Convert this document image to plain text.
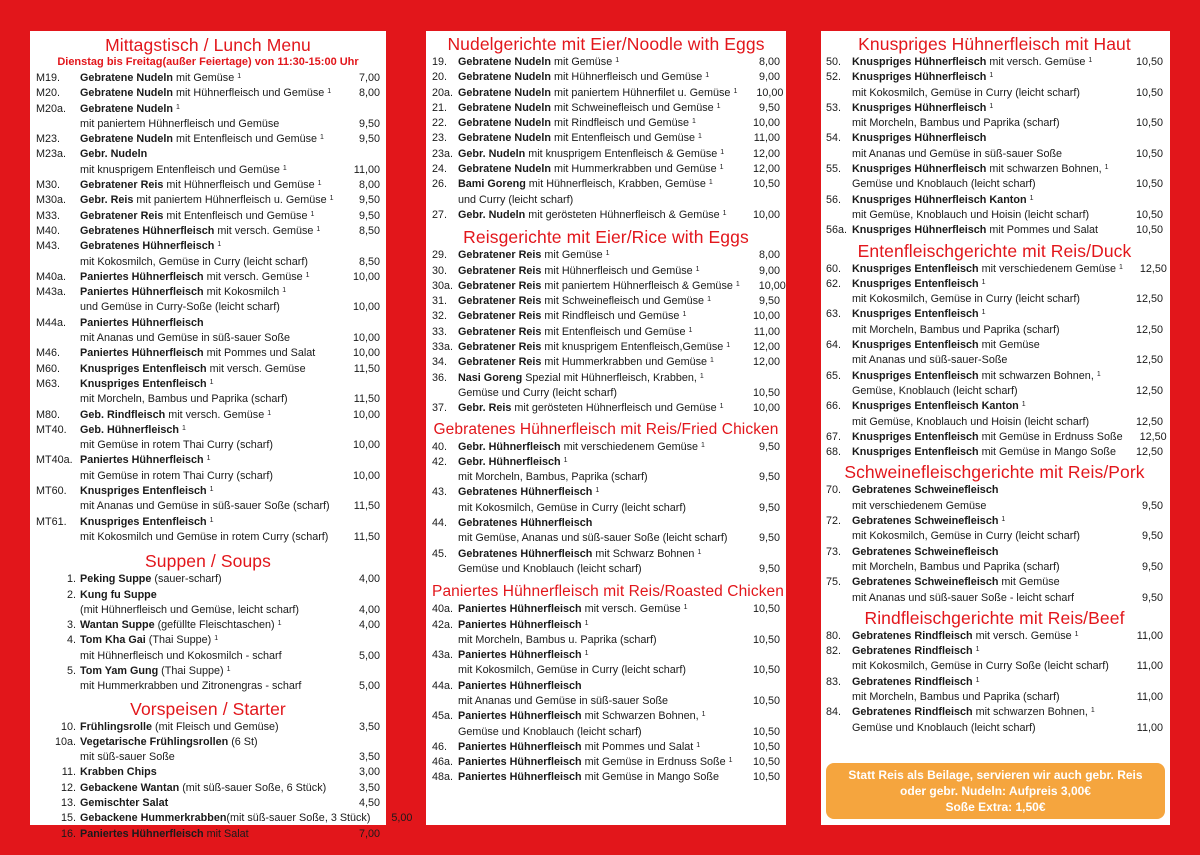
Mittagstisch / Lunch Menu
Dienstag bis Freitag(außer Feiertage) von 11:30-15:00 Uhr
M19.	Gebratene Nudeln mit Gemüse $^1$	7,00
M20.	Gebratene Nudeln mit Hühnerfleisch und Gemüse $^1$	8,00
M20a.	Gebratene Nudeln $^1$
mit paniertem Hühnerfleisch und Gemüse	9,50
M23.	Gebratene Nudeln mit Entenfleisch und Gemüse $^1$	9,50
M23a.	Gebr. Nudeln
mit knusprigem Entenfleisch und Gemüse $^1$	11,00
M30.	Gebratener Reis mit Hühnerfleisch und Gemüse $^1$	8,00
M30a.	Gebr. Reis mit paniertem Hühnerfleisch u. Gemüse $^1$	9,50
M33.	Gebratener Reis mit Entenfleisch und Gemüse $^1$	9,50
M40.	Gebratenes Hühnerfleisch mit versch. Gemüse $^1$	8,50
M43.	Gebratenes Hühnerfleisch $^1$
mit Kokosmilch, Gemüse in Curry (leicht scharf)	8,50
M40a.	Paniertes Hühnerfleisch mit versch. Gemüse $^1$	10,00
M43a.	Paniertes Hühnerfleisch mit Kokosmilch $^1$
und Gemüse in Curry-Soße (leicht scharf)	10,00
M44a.	Paniertes Hühnerfleisch
mit Ananas und Gemüse in süß-sauer Soße	10,00
M46.	Paniertes Hühnerfleisch mit Pommes und Salat	10,00
M60.	Knuspriges Entenfleisch mit versch. Gemüse	11,50
M63.	Knuspriges Entenfleisch $^1$
mit Morcheln, Bambus und Paprika (scharf)	11,50
M80.	Geb. Rindfleisch mit versch. Gemüse $^1$	10,00
MT40.	Geb. Hühnerfleisch $^1$
mit Gemüse in rotem Thai Curry (scharf)	10,00
MT40a. Paniertes Hühnerfleisch $^1$
mit Gemüse in rotem Thai Curry (scharf)	10,00
MT60.	Knuspriges Entenfleisch $^1$
mit Ananas und Gemüse in süß-sauer Soße (scharf)	11,50
MT61.	Knuspriges Entenfleisch $^1$
mit Kokosmilch und Gemüse in rotem Curry (scharf)	11,50
Suppen / Soups
1. Peking Suppe (sauer-scharf)	4,00
2. Kung fu Suppe
(mit Hühnerfleisch und Gemüse, leicht scharf)	4,00
3. Wantan Suppe (gefüllte Fleischtaschen) $^1$	4,00
4. Tom Kha Gai (Thai Suppe) $^1$
mit Hühnerfleisch und Kokosmilch - scharf	5,00
5. Tom Yam Gung (Thai Suppe) $^1$
mit Hummerkrabben und Zitronengras - scharf	5,00
Vorspeisen / Starter
10. Frühlingsrolle (mit Fleisch und Gemüse)	3,50
10a. Vegetarische Frühlingsrollen (6 St)
mit süß-sauer Soße	3,50
11. Krabben Chips	3,00
12. Gebackene Wantan (mit süß-sauer Soße, 6 Stück)	3,50
13. Gemischter Salat	4,50
15. Gebackene Hummerkrabben(mit süß-sauer Soße, 3 Stück)	5,00
16. Paniertes Hühnerfleisch mit Salat	7,00
Nudelgerichte mit Eier/Noodle with Eggs
19.	Gebratene Nudeln mit Gemüse $^1$	8,00
20.	Gebratene Nudeln mit Hühnerfleisch und Gemüse $^1$	9,00
20a. Gebratene Nudeln mit paniertem Hühnerfilet u. Gemüse $^1$	10,00
21.	Gebratene Nudeln mit Schweinefleisch und Gemüse $^1$	9,50
22.	Gebratene Nudeln mit Rindfleisch und Gemüse $^1$	10,00
23.	Gebratene Nudeln mit Entenfleisch und Gemüse $^1$	11,00
23a. Gebr. Nudeln mit knusprigem Entenfleisch & Gemüse $^1$	12,00
24.	Gebratene Nudeln mit Hummerkrabben und Gemüse $^1$	12,00
26.	Bami Goreng mit Hühnerfleisch, Krabben, Gemüse $^1$	10,50
und Curry (leicht scharf)
27.	Gebr. Nudeln mit gerösteten Hühnerfleisch & Gemüse $^1$	10,00
Reisgerichte mit Eier/Rice with Eggs
29.	Gebratener Reis mit Gemüse $^1$	8,00
30.	Gebratener Reis mit Hühnerfleisch und Gemüse $^1$	9,00
30a. Gebratener Reis mit paniertem Hühnerfleisch & Gemüse $^1$	10,00
31.	Gebratener Reis mit Schweinefleisch und Gemüse $^1$	9,50
32.	Gebratener Reis mit Rindfleisch und Gemüse $^1$	10,00
33.	Gebratener Reis mit Entenfleisch und Gemüse $^1$	11,00
33a. Gebratener Reis mit knusprigem Entenfleisch,Gemüse $^1$	12,00
34.	Gebratener Reis mit Hummerkrabben und Gemüse $^1$	12,00
36.	Nasi Goreng Spezial mit Hühnerfleisch, Krabben, $^1$
Gemüse und Curry (leicht scharf)	10,50
37.	Gebr. Reis mit gerösteten Hühnerfleisch und Gemüse $^1$	10,00
Gebratenes Hühnerfleisch mit Reis/Fried Chicken
40.	Gebr. Hühnerfleisch mit verschiedenem Gemüse $^1$	9,50
42.	Gebr. Hühnerfleisch $^1$
mit Morcheln, Bambus, Paprika (scharf)	9,50
43.	Gebratenes Hühnerfleisch $^1$
mit Kokosmilch, Gemüse in Curry (leicht scharf)	9,50
44.	Gebratenes Hühnerfleisch
mit Gemüse, Ananas und süß-sauer Soße (leicht scharf)	9,50
45.	Gebratenes Hühnerfleisch mit Schwarz Bohnen $^1$
Gemüse und Knoblauch (leicht scharf)	9,50
Paniertes Hühnerfleisch mit Reis/Roasted Chicken
40a. Paniertes Hühnerfleisch mit versch. Gemüse $^1$	10,50
42a. Paniertes Hühnerfleisch $^1$
mit Morcheln, Bambus u. Paprika (scharf)	10,50
43a. Paniertes Hühnerfleisch $^1$
mit Kokosmilch, Gemüse in Curry (leicht scharf)	10,50
44a. Paniertes Hühnerfleisch
mit Ananas und Gemüse in süß-sauer Soße	10,50
45a. Paniertes Hühnerfleisch mit Schwarzen Bohnen, $^1$
Gemüse und Knoblauch (leicht scharf)	10,50
46.	Paniertes Hühnerfleisch mit Pommes und Salat $^1$	10,50
46a. Paniertes Hühnerfleisch mit Gemüse in Erdnuss Soße $^1$	10,50
48a. Paniertes Hühnerfleisch mit Gemüse in Mango Soße	10,50
Knuspriges Hühnerfleisch mit Haut
50.	Knuspriges Hühnerfleisch mit versch. Gemüse $^1$	10,50
52.	Knuspriges Hühnerfleisch $^1$
mit Kokosmilch, Gemüse in Curry (leicht scharf)	10,50
53.	Knuspriges Hühnerfleisch $^1$
mit Morcheln, Bambus und Paprika (scharf)	10,50
54.	Knuspriges Hühnerfleisch
mit Ananas und Gemüse in süß-sauer Soße	10,50
55.	Knuspriges Hühnerfleisch mit schwarzen Bohnen, $^1$
Gemüse und Knoblauch (leicht scharf)	10,50
56.	Knuspriges Hühnerfleisch Kanton $^1$
mit Gemüse, Knoblauch und Hoisin (leicht scharf)	10,50
56a. Knuspriges Hühnerfleisch mit Pommes und Salat	10,50
Entenfleischgerichte mit Reis/Duck
60.	Knuspriges Entenfleisch mit verschiedenem Gemüse $^1$	12,50
62.	Knuspriges Entenfleisch $^1$
mit Kokosmilch, Gemüse in Curry (leicht scharf)	12,50
63.	Knuspriges Entenfleisch $^1$
mit Morcheln, Bambus und Paprika (scharf)	12,50
64.	Knuspriges Entenfleisch mit Gemüse
mit Ananas und süß-sauer-Soße	12,50
65.	Knuspriges Entenfleisch mit schwarzen Bohnen, $^1$
Gemüse, Knoblauch (leicht scharf)	12,50
66.	Knuspriges Entenfleisch Kanton $^1$
mit Gemüse, Knoblauch und Hoisin (leicht scharf)	12,50
67.	Knuspriges Entenfleisch mit Gemüse in Erdnuss Soße	12,50
68.	Knuspriges Entenfleisch mit Gemüse in Mango Soße	12,50
Schweinefleischgerichte mit Reis/Pork
70.	Gebratenes Schweinefleisch
mit verschiedenem Gemüse	9,50
72.	Gebratenes Schweinefleisch $^1$
mit Kokosmilch, Gemüse in Curry (leicht scharf)	9,50
73.	Gebratenes Schweinefleisch
mit Morcheln, Bambus und Paprika (scharf)	9,50
75.	Gebratenes Schweinefleisch mit Gemüse
mit Ananas und süß-sauer Soße - leicht scharf	9,50
Rindfleischgerichte mit Reis/Beef
80.	Gebratenes Rindfleisch mit versch. Gemüse $^1$	11,00
82.	Gebratenes Rindfleisch $^1$
mit Kokosmilch, Gemüse in Curry Soße (leicht scharf)	11,00
83.	Gebratenes Rindfleisch $^1$
mit Morcheln, Bambus und Paprika (scharf)	11,00
84.	Gebratenes Rindfleisch mit schwarzen Bohnen, $^1$
Gemüse und Knoblauch (leicht scharf)	11,00
Statt Reis als Beilage, servieren wir auch gebr. Reis
oder gebr. Nudeln: Aufpreis 3,00€
Soße Extra: 1,50€
